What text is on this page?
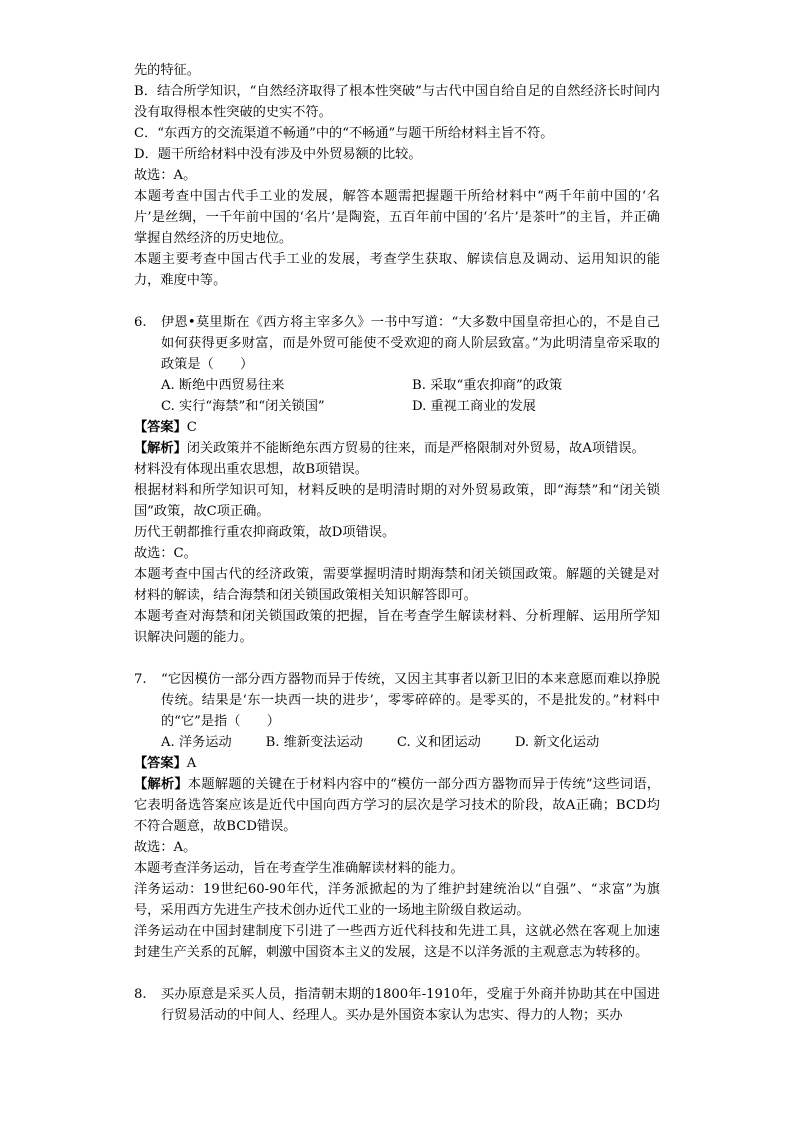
先的特征。

B．结合所学知识，“自然经济取得了根本性突破”与古代中国自给自足的自然经济长时间内没有取得根本性突破的史实不符。

C．“东西方的交流渠道不畅通”中的“不畅通”与题干所给材料主旨不符。

D．题干所给材料中没有涉及中外贸易额的比较。

故选：A。

本题考查中国古代手工业的发展，解答本题需把握题干所给材料中“两千年前中国的‘名片’是丝绸，一千年前中国的‘名片’是陶瓷，五百年前中国的‘名片’是茶叶”的主旨，并正确掌握自然经济的历史地位。

本题主要考查中国古代手工业的发展，考查学生获取、解读信息及调动、运用知识的能力，难度中等。

6.	伊恩•莫里斯在《西方将主宰多久》一书中写道：“大多数中国皇帝担心的，不是自己如何获得更多财富，而是外贸可能使不受欢迎的商人阶层致富。”为此明清皇帝采取的政策是（　　）
A. 断绝中西贸易往来	B. 采取“重农抑商”的政策
C. 实行“海禁”和“闭关锁国”	D. 重视工商业的发展

【答案】C

【解析】闭关政策并不能断绝东西方贸易的往来，而是严格限制对外贸易，故A项错误。

材料没有体现出重农思想，故B项错误。

根据材料和所学知识可知，材料反映的是明清时期的对外贸易政策，即“海禁”和“闭关锁国”政策，故C项正确。

历代王朝都推行重农抑商政策，故D项错误。

故选：C。

本题考查中国古代的经济政策，需要掌握明清时期海禁和闭关锁国政策。解题的关键是对材料的解读，结合海禁和闭关锁国政策相关知识解答即可。

本题考查对海禁和闭关锁国政策的把握，旨在考查学生解读材料、分析理解、运用所学知识解决问题的能力。

7.	“它因模仿一部分西方器物而异于传统，又因主其事者以新卫旧的本来意愿而难以挣脱传统。结果是‘东一块西一块的进步’，零零碎碎的。是零买的，不是批发的。”材料中的“它”是指（　　）
A. 洋务运动	B. 维新变法运动	C. 义和团运动	D. 新文化运动

【答案】A

【解析】本题解题的关键在于材料内容中的“模仿一部分西方器物而异于传统”这些词语，它表明备选答案应该是近代中国向西方学习的层次是学习技术的阶段，故A正确；BCD均不符合题意，故BCD错误。

故选：A。

本题考查洋务运动，旨在考查学生准确解读材料的能力。

洋务运动：19世纪60-90年代，洋务派掀起的为了维护封建统治以“自强”、“求富”为旗号，采用西方先进生产技术创办近代工业的一场地主阶级自救运动。

洋务运动在中国封建制度下引进了一些西方近代科技和先进工具，这就必然在客观上加速封建生产关系的瓦解，刺激中国资本主义的发展，这是不以洋务派的主观意志为转移的。

8.	买办原意是采买人员，指清朝末期的1800年-1910年，受雇于外商并协助其在中国进行贸易活动的中间人、经理人。买办是外国资本家认为忠实、得力的人物；买办
